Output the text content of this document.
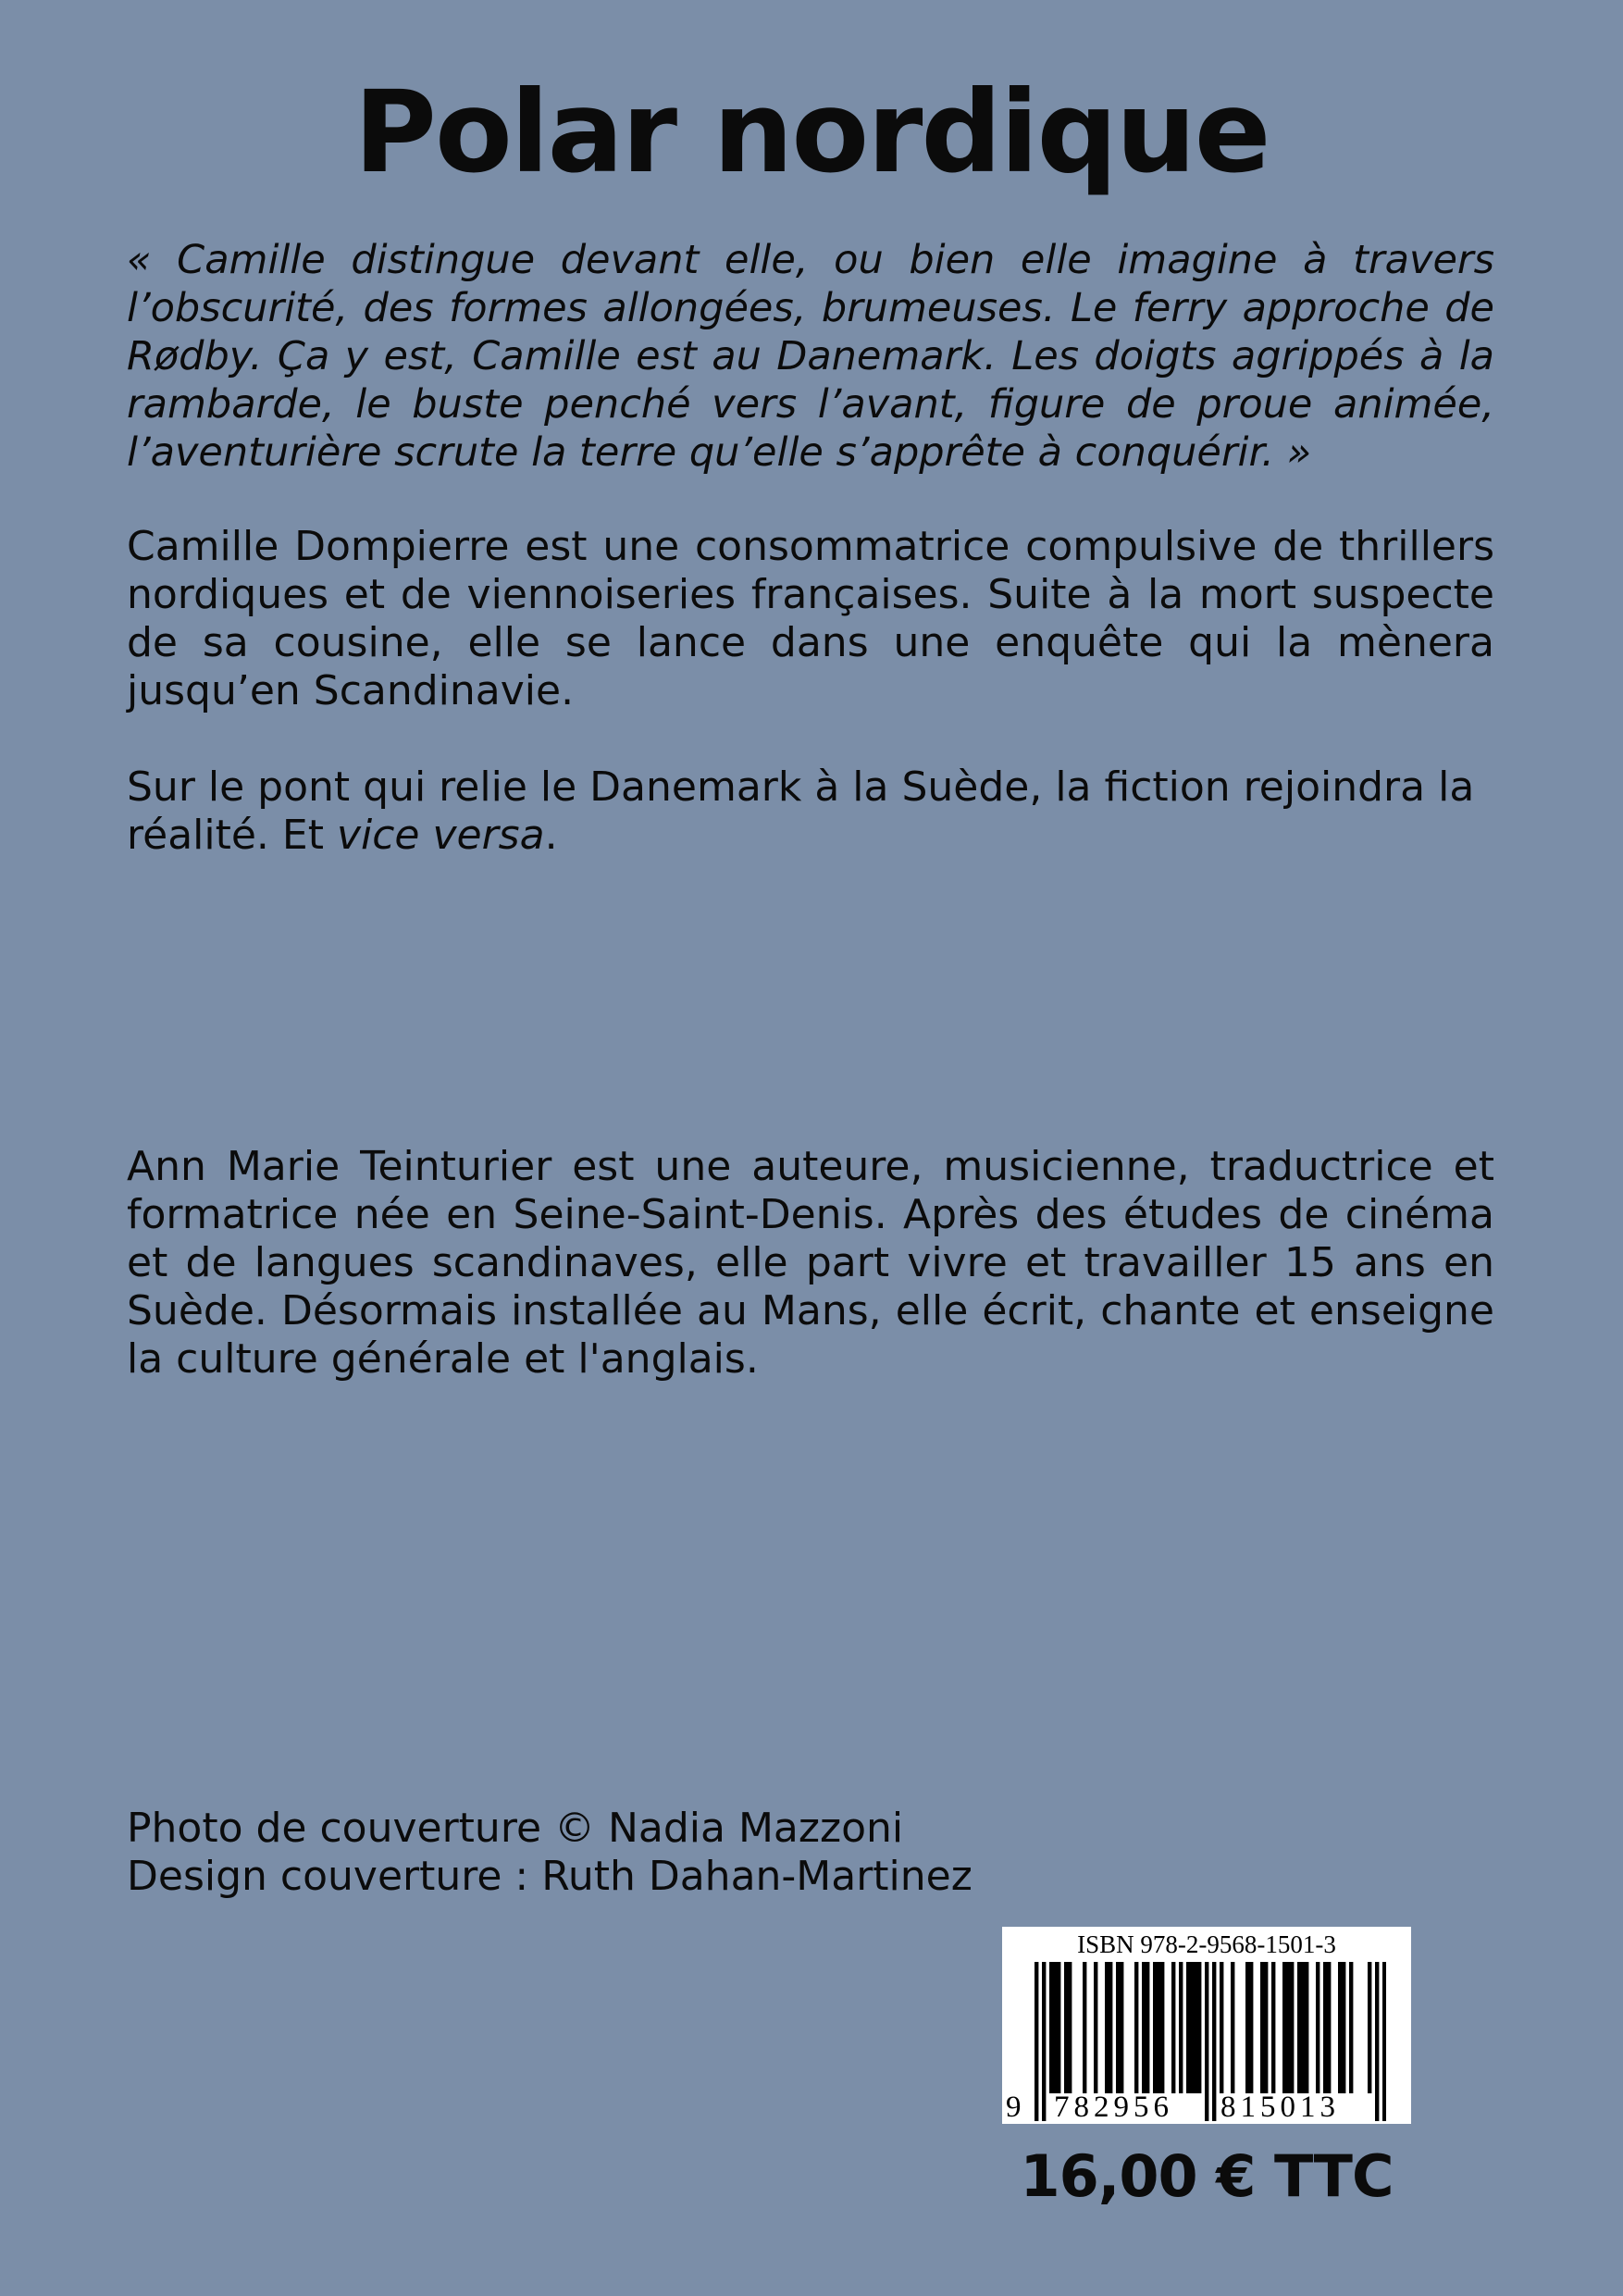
Polar nordique

« Camille distingue devant elle, ou bien elle imagine à travers l’obscurité, des formes allongées, brumeuses. Le ferry approche de Rødby. Ça y est, Camille est au Danemark. Les doigts agrippés à la rambarde, le buste penché vers l’avant, figure de proue animée, l’aventurière scrute la terre qu’elle s’apprête à conquérir. »

Camille Dompierre est une consommatrice compulsive de thrillers nordiques et de viennoiseries françaises. Suite à la mort suspecte de sa cousine, elle se lance dans une enquête qui la mènera jusqu’en Scandinavie.

Sur le pont qui relie le Danemark à la Suède, la fiction rejoindra la réalité. Et vice versa.

Ann Marie Teinturier est une auteure, musicienne, traductrice et formatrice née en Seine-Saint-Denis. Après des études de cinéma et de langues scandinaves, elle part vivre et travailler 15 ans en Suède. Désormais installée au Mans, elle écrit, chante et enseigne la culture générale et l'anglais.

Photo de couverture © Nadia Mazzoni
Design couverture : Ruth Dahan-Martinez
ISBN 978-2-9568-1501-3
9 782956 815013
16,00 € TTC
